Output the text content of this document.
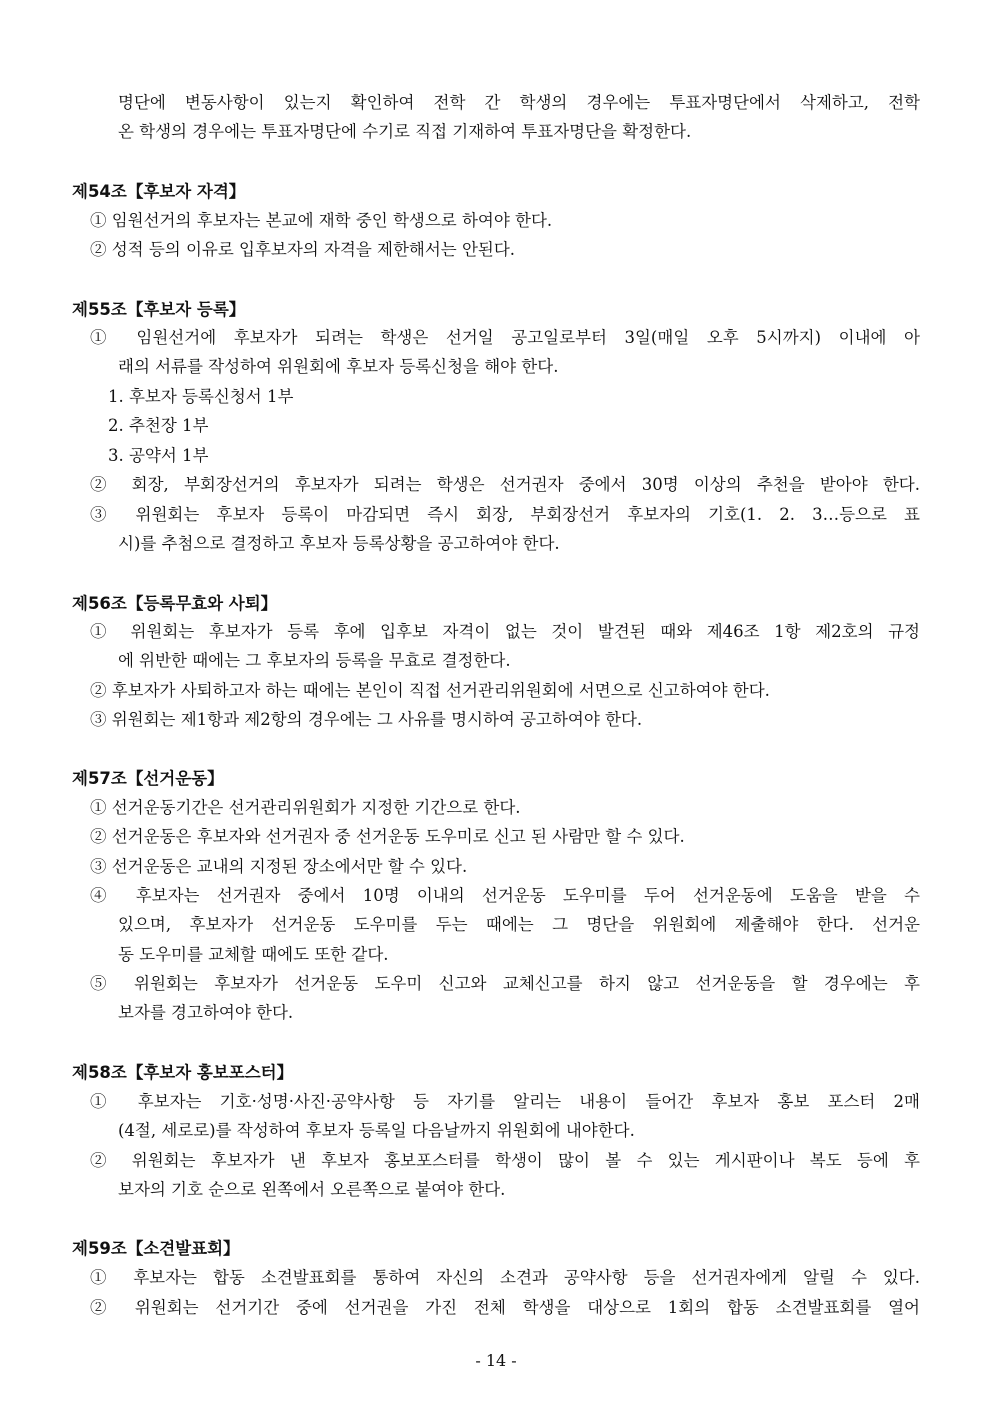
명단에 변동사항이 있는지 확인하여 전학 간 학생의 경우에는 투표자명단에서 삭제하고, 전학
온 학생의 경우에는 투표자명단에 수기로 직접 기재하여 투표자명단을 확정한다.
제54조【후보자 자격】
① 임원선거의 후보자는 본교에 재학 중인 학생으로 하여야 한다.
② 성적 등의 이유로 입후보자의 자격을 제한해서는 안된다.
제55조【후보자 등록】
① 임원선거에 후보자가 되려는 학생은 선거일 공고일로부터 3일(매일 오후 5시까지) 이내에 아
래의 서류를 작성하여 위원회에 후보자 등록신청을 해야 한다.
1. 후보자 등록신청서 1부
2. 추천장 1부
3. 공약서 1부
② 회장, 부회장선거의 후보자가 되려는 학생은 선거권자 중에서 30명 이상의 추천을 받아야 한다.
③ 위원회는 후보자 등록이 마감되면 즉시 회장, 부회장선거 후보자의 기호(1. 2. 3…등으로 표
시)를 추첨으로 결정하고 후보자 등록상황을 공고하여야 한다.
제56조【등록무효와 사퇴】
① 위원회는 후보자가 등록 후에 입후보 자격이 없는 것이 발견된 때와 제46조 1항 제2호의 규정
에 위반한 때에는 그 후보자의 등록을 무효로 결정한다.
② 후보자가 사퇴하고자 하는 때에는 본인이 직접 선거관리위원회에 서면으로 신고하여야 한다.
③ 위원회는 제1항과 제2항의 경우에는 그 사유를 명시하여 공고하여야 한다.
제57조【선거운동】
① 선거운동기간은 선거관리위원회가 지정한 기간으로 한다.
② 선거운동은 후보자와 선거권자 중 선거운동 도우미로 신고 된 사람만 할 수 있다.
③ 선거운동은 교내의 지정된 장소에서만 할 수 있다.
④ 후보자는 선거권자 중에서 10명 이내의 선거운동 도우미를 두어 선거운동에 도움을 받을 수
있으며, 후보자가 선거운동 도우미를 두는 때에는 그 명단을 위원회에 제출해야 한다. 선거운
동 도우미를 교체할 때에도 또한 같다.
⑤ 위원회는 후보자가 선거운동 도우미 신고와 교체신고를 하지 않고 선거운동을 할 경우에는 후
보자를 경고하여야 한다.
제58조【후보자 홍보포스터】
① 후보자는 기호·성명·사진·공약사항 등 자기를 알리는 내용이 들어간 후보자 홍보 포스터 2매
(4절, 세로로)를 작성하여 후보자 등록일 다음날까지 위원회에 내야한다.
② 위원회는 후보자가 낸 후보자 홍보포스터를 학생이 많이 볼 수 있는 게시판이나 복도 등에 후
보자의 기호 순으로 왼쪽에서 오른쪽으로 붙여야 한다.
제59조【소견발표회】
① 후보자는 합동 소견발표회를 통하여 자신의 소견과 공약사항 등을 선거권자에게 알릴 수 있다.
② 위원회는 선거기간 중에 선거권을 가진 전체 학생을 대상으로 1회의 합동 소견발표회를 열어
- 14 -
